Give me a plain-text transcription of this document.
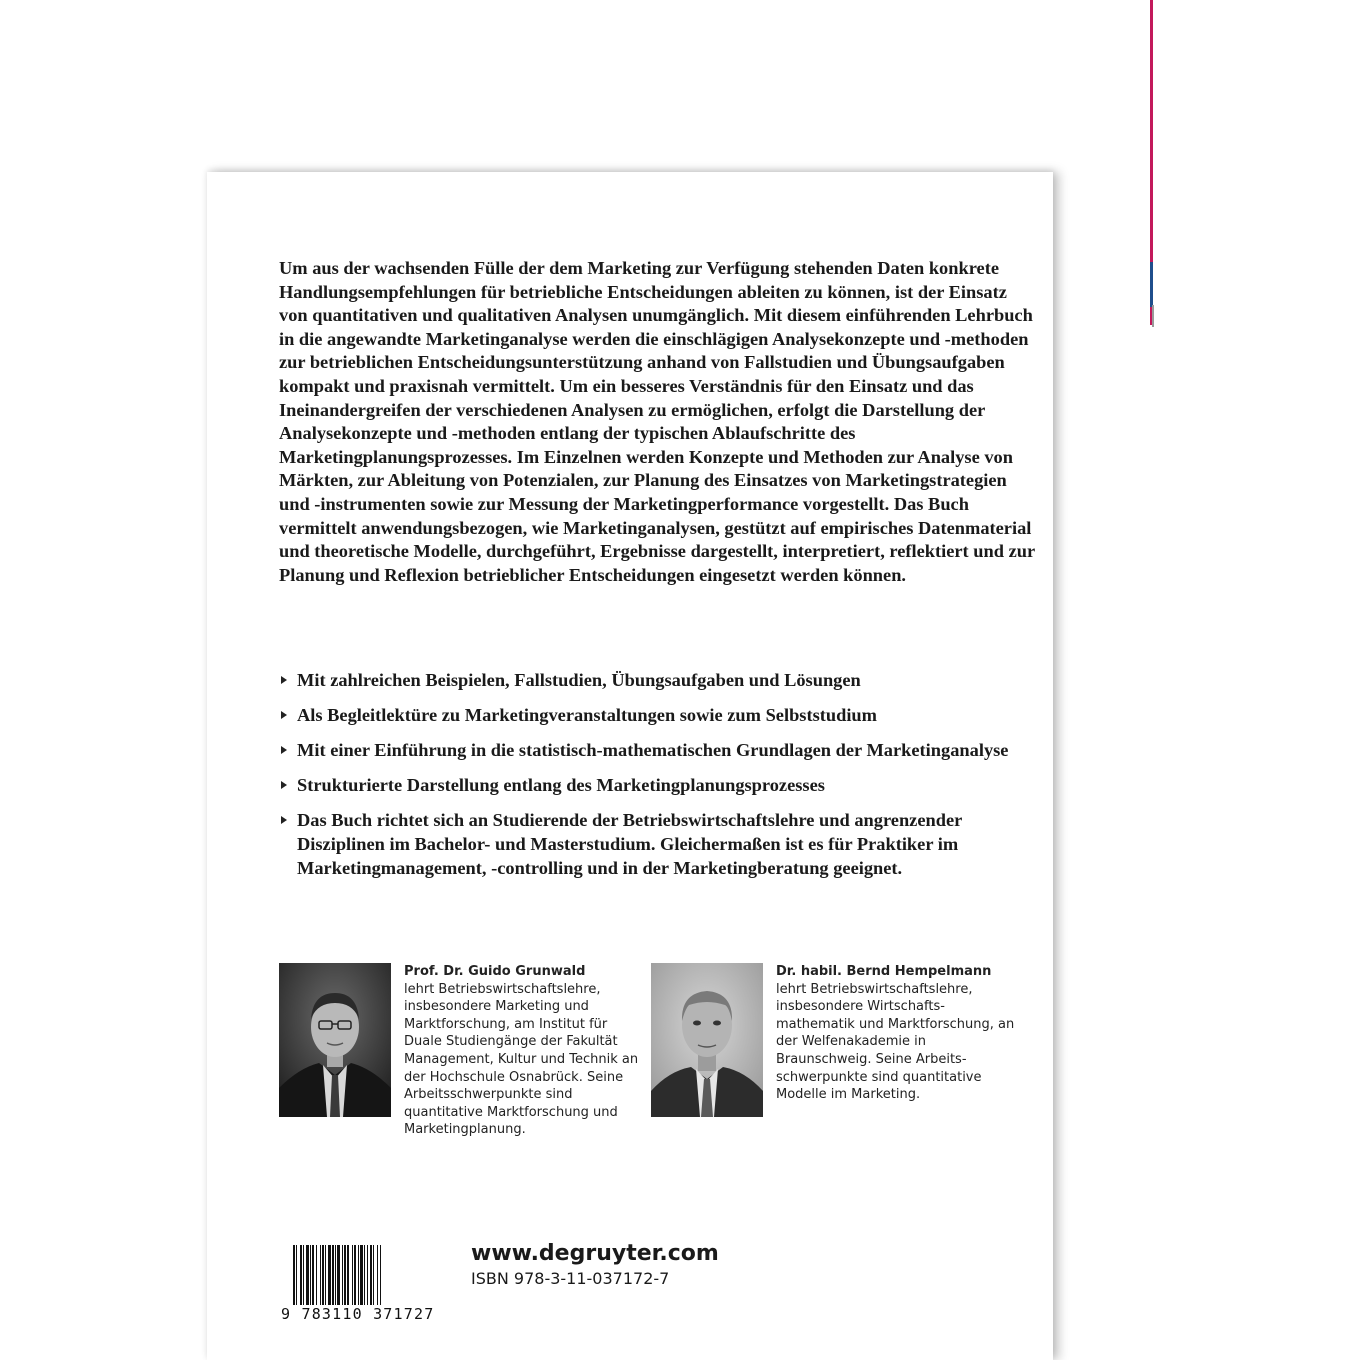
Um aus der wachsenden Fülle der dem Marketing zur Verfügung stehenden Daten konkrete Handlungsempfehlungen für betriebliche Entscheidungen ableiten zu können, ist der Einsatz von quantitativen und qualitativen Analysen unumgänglich. Mit diesem einführenden Lehrbuch in die angewandte Marketinganalyse werden die einschlägigen Analysekonzepte und -methoden zur betrieblichen Entscheidungsunterstützung anhand von Fallstudien und Übungsaufgaben kompakt und praxisnah vermittelt. Um ein besseres Verständnis für den Einsatz und das Ineinandergreifen der verschiedenen Analysen zu ermöglichen, erfolgt die Darstellung der Analysekonzepte und -methoden entlang der typischen Ablaufschritte des Marketingplanungsprozesses. Im Einzelnen werden Konzepte und Methoden zur Analyse von Märkten, zur Ableitung von Potenzialen, zur Planung des Einsatzes von Marketingstrategien und -instrumenten sowie zur Messung der Marketingperformance vorgestellt. Das Buch vermittelt anwendungsbezogen, wie Marketinganalysen, gestützt auf empirisches Datenmaterial und theoretische Modelle, durchgeführt, Ergebnisse dargestellt, interpretiert, reflektiert und zur Planung und Reflexion betrieblicher Entscheidungen eingesetzt werden können.

Mit zahlreichen Beispielen, Fallstudien, Übungsaufgaben und Lösungen
Als Begleitlektüre zu Marketingveranstaltungen sowie zum Selbststudium
Mit einer Einführung in die statistisch-mathematischen Grundlagen der Marketinganalyse
Strukturierte Darstellung entlang des Marketingplanungsprozesses
Das Buch richtet sich an Studierende der Betriebswirtschaftslehre und angrenzender Disziplinen im Bachelor- und Masterstudium. Gleichermaßen ist es für Praktiker im Marketingmanagement, -controlling und in der Marketingberatung geeignet.
Prof. Dr. Guido Grunwald
lehrt Betriebswirtschaftslehre, insbesondere Marketing und Marktforschung, am Institut für Duale Studiengänge der Fakultät Management, Kultur und Technik an der Hochschule Osnabrück. Seine Arbeitsschwerpunkte sind quantitative Marktforschung und Marketingplanung.
Dr. habil. Bernd Hempelmann
lehrt Betriebswirtschaftslehre, insbesondere Wirtschaftsmathematik und Marktforschung, an der Welfenakademie in Braunschweig. Seine Arbeitsschwerpunkte sind quantitative Modelle im Marketing.
9 783110 371727
www.degruyter.com
ISBN 978-3-11-037172-7
